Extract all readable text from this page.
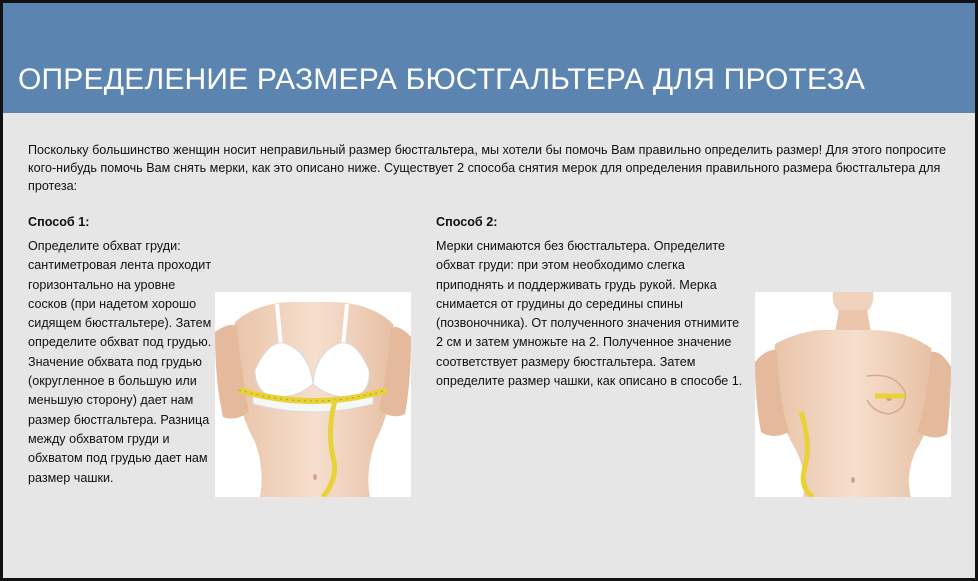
ОПРЕДЕЛЕНИЕ РАЗМЕРА БЮСТГАЛЬТЕРА ДЛЯ ПРОТЕЗА
Поскольку большинство женщин носит неправильный размер бюстгальтера, мы хотели бы помочь Вам правильно определить размер! Для этого попросите кого-нибудь помочь Вам снять мерки, как это описано ниже. Существует 2 способа снятия мерок для определения правильного размера бюстгальтера для протеза:
Способ 1:
Определите обхват груди: сантиметровая лента проходит горизонтально на уровне сосков (при надетом хорошо сидящем бюстгальтере). Затем определите обхват под грудью. Значение обхвата под грудью (округленное в большую или меньшую сторону) дает нам размер бюстгальтера. Разница между обхватом груди и обхватом под грудью дает нам размер чашки.
Способ 2:
Мерки снимаются без бюстгальтера. Определите обхват груди: при этом необходимо слегка приподнять и поддерживать грудь рукой. Мерка снимается от грудины до середины спины (позвоночника). От полученного значения отнимите 2 см и затем умножьте на 2. Полученное значение соответствует размеру бюстгальтера. Затем определите размер чашки, как описано в способе 1.
